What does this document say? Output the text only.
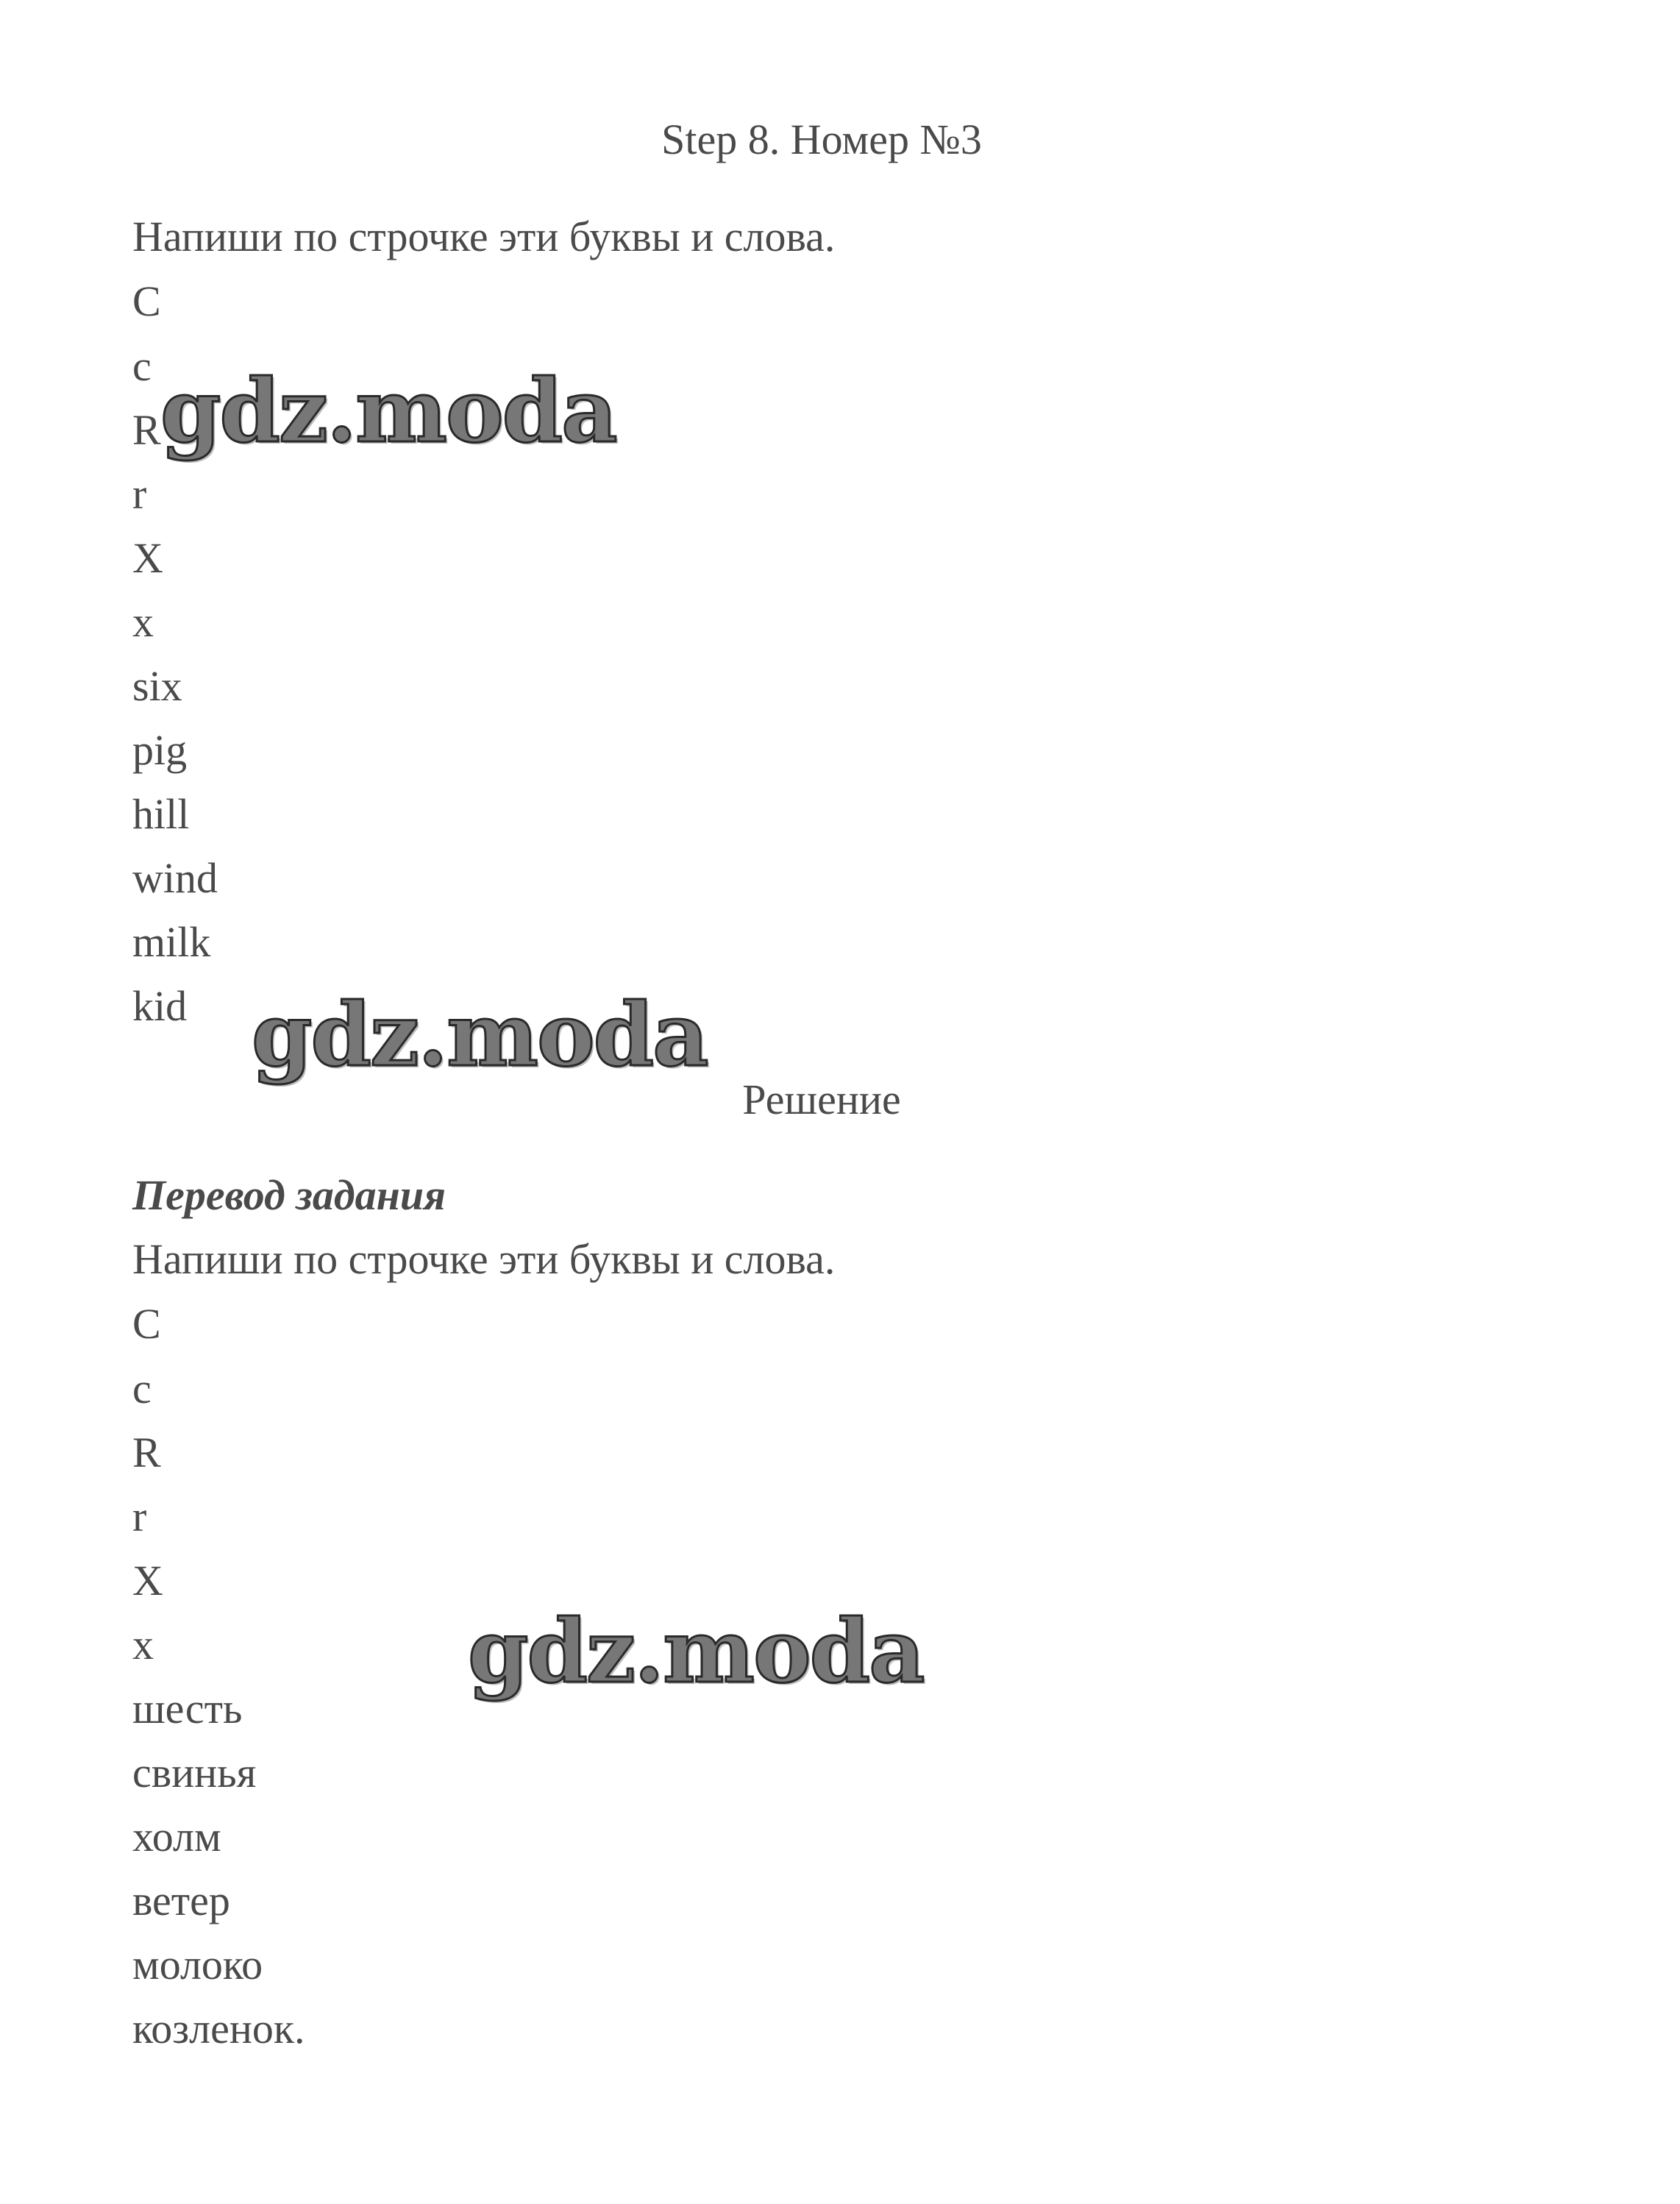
Step 8. Номер №3
Напиши по строчке эти буквы и слова.
C
c
R
r
X
x
six
pig
hill
wind
milk
kid
Решение
Перевод задания
Напиши по строчке эти буквы и слова.
C
c
R
r
X
x
шесть
свинья
холм
ветер
молоко
козленок.
gdz.moda
gdz.moda
gdz.moda
